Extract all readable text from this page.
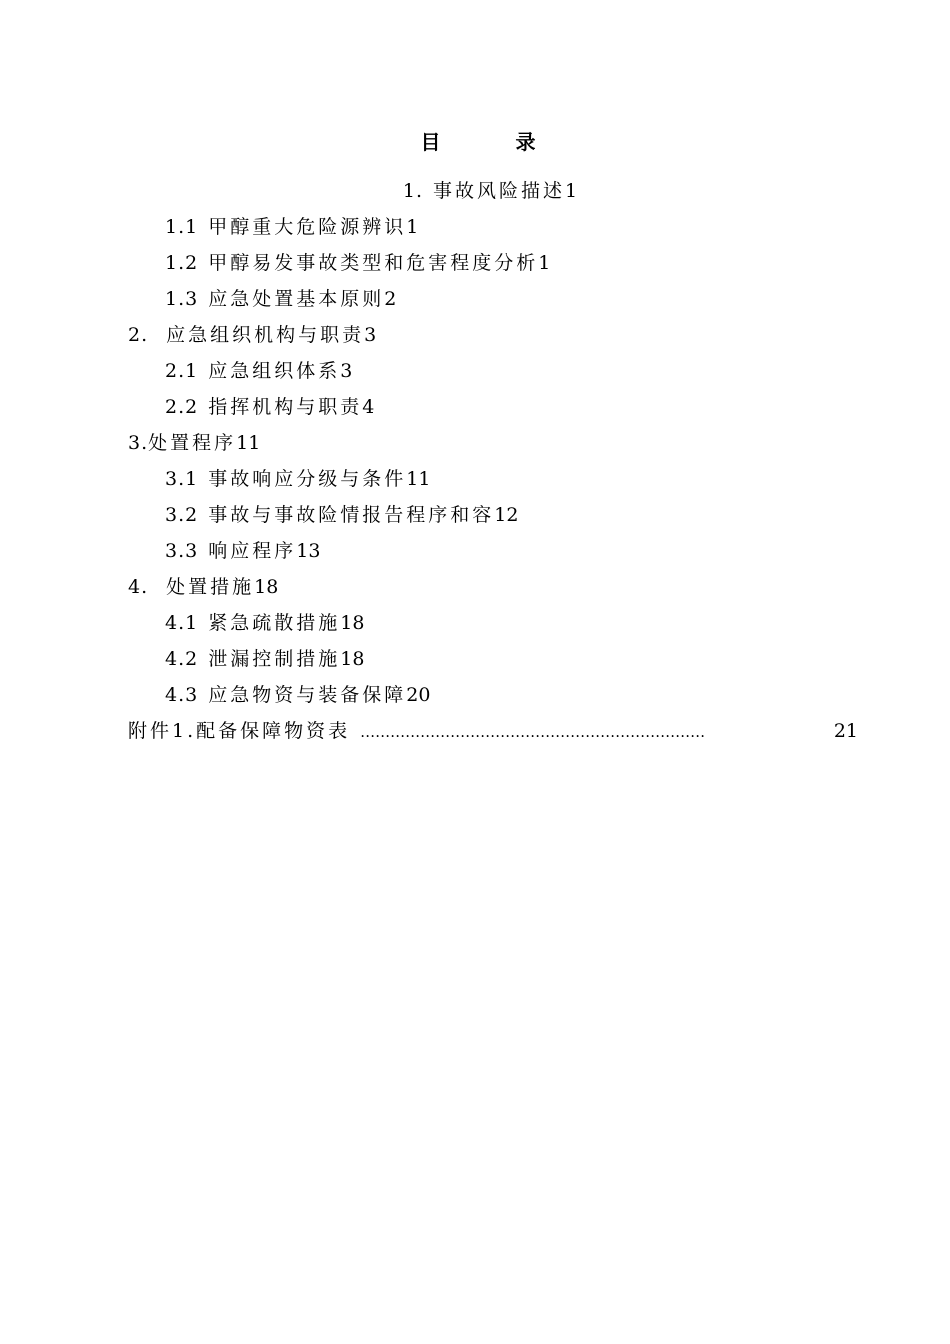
目 录
1. 事故风险描述1
1.1 甲醇重大危险源辨识1
1.2 甲醇易发事故类型和危害程度分析1
1.3 应急处置基本原则2
2. 应急组织机构与职责3
2.1 应急组织体系3
2.2 指挥机构与职责4
3.处置程序11
3.1 事故响应分级与条件11
3.2 事故与事故险情报告程序和容12
3.3 响应程序13
4. 处置措施18
4.1 紧急疏散措施18
4.2 泄漏控制措施18
4.3 应急物资与装备保障20
附件1.配备保障物资表 ……………………………………………………………	21
